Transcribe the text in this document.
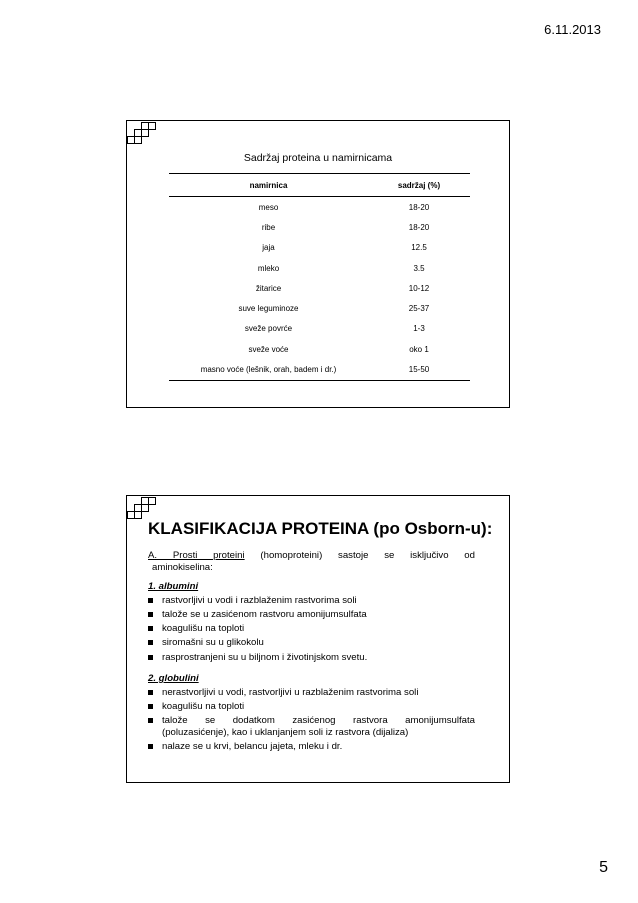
6.11.2013
Sadržaj proteina u namirnicama
namirnica	sadržaj (%)
meso	18-20
ribe	18-20
jaja	12.5
mleko	3.5
žitarice	10-12
suve leguminoze	25-37
sveže povrće	1-3
sveže voće	oko 1
masno voće (lešnik, orah, badem i dr.)	15-50
KLASIFIKACIJA PROTEINA (po Osborn-u):
A. Prosti proteini (homoproteini) sastoje se isključivo od
aminokiselina:
1. albumini
rastvorljivi u vodi i razblaženim rastvorima soli
talože se u zasićenom rastvoru amonijumsulfata
koagulišu na toploti
siromašni su u glikokolu
rasprostranjeni su u biljnom i životinjskom svetu.
2. globulini
nerastvorljivi u vodi, rastvorljivi u razblaženim rastvorima soli
koagulišu na toploti
talože se dodatkom zasićenog rastvora amonijumsulfata
(poluzasićenje), kao i uklanjanjem soli iz rastvora (dijaliza)
nalaze se u krvi, belancu jajeta, mleku i dr.
5
